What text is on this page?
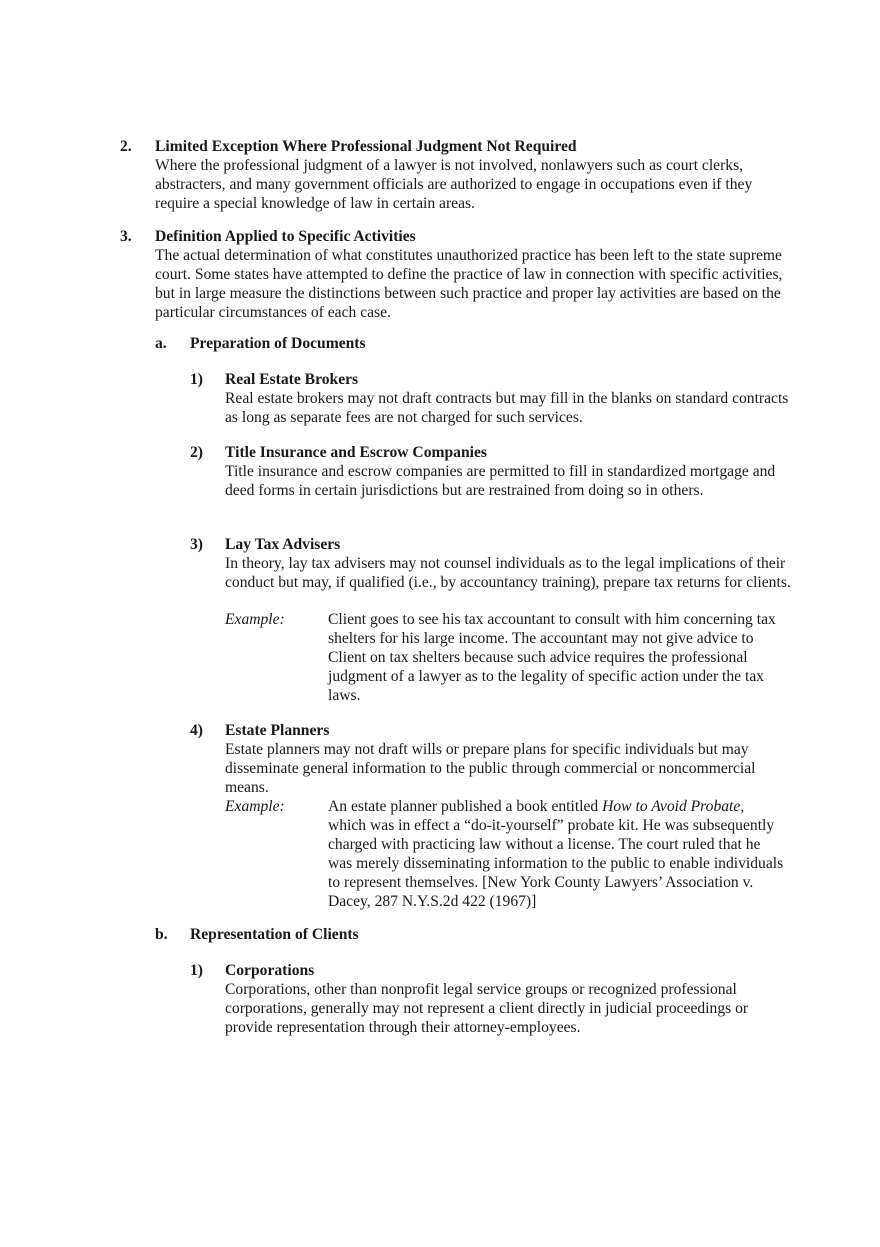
2. Limited Exception Where Professional Judgment Not Required
Where the professional judgment of a lawyer is not involved, nonlawyers such as court clerks, abstracters, and many government officials are authorized to engage in occupations even if they require a special knowledge of law in certain areas.
3. Definition Applied to Specific Activities
The actual determination of what constitutes unauthorized practice has been left to the state supreme court. Some states have attempted to define the practice of law in connection with specific activities, but in large measure the distinctions between such practice and proper lay activities are based on the particular circumstances of each case.
a. Preparation of Documents
1) Real Estate Brokers
Real estate brokers may not draft contracts but may fill in the blanks on standard contracts as long as separate fees are not charged for such services.
2) Title Insurance and Escrow Companies
Title insurance and escrow companies are permitted to fill in standardized mortgage and deed forms in certain jurisdictions but are restrained from doing so in others.
3) Lay Tax Advisers
In theory, lay tax advisers may not counsel individuals as to the legal implications of their conduct but may, if qualified (i.e., by accountancy training), prepare tax returns for clients.
Example:	Client goes to see his tax accountant to consult with him concerning tax shelters for his large income. The accountant may not give advice to Client on tax shelters because such advice requires the professional judgment of a lawyer as to the legality of specific action under the tax laws.
4) Estate Planners
Estate planners may not draft wills or prepare plans for specific individuals but may disseminate general information to the public through commercial or noncommercial means.
Example:	An estate planner published a book entitled How to Avoid Probate, which was in effect a “do-it-yourself” probate kit. He was subsequently charged with practicing law without a license. The court ruled that he was merely disseminating information to the public to enable individuals to represent themselves. [New York County Lawyers’ Association v. Dacey, 287 N.Y.S.2d 422 (1967)]
b. Representation of Clients
1) Corporations
Corporations, other than nonprofit legal service groups or recognized professional corporations, generally may not represent a client directly in judicial proceedings or provide representation through their attorney-employees.
